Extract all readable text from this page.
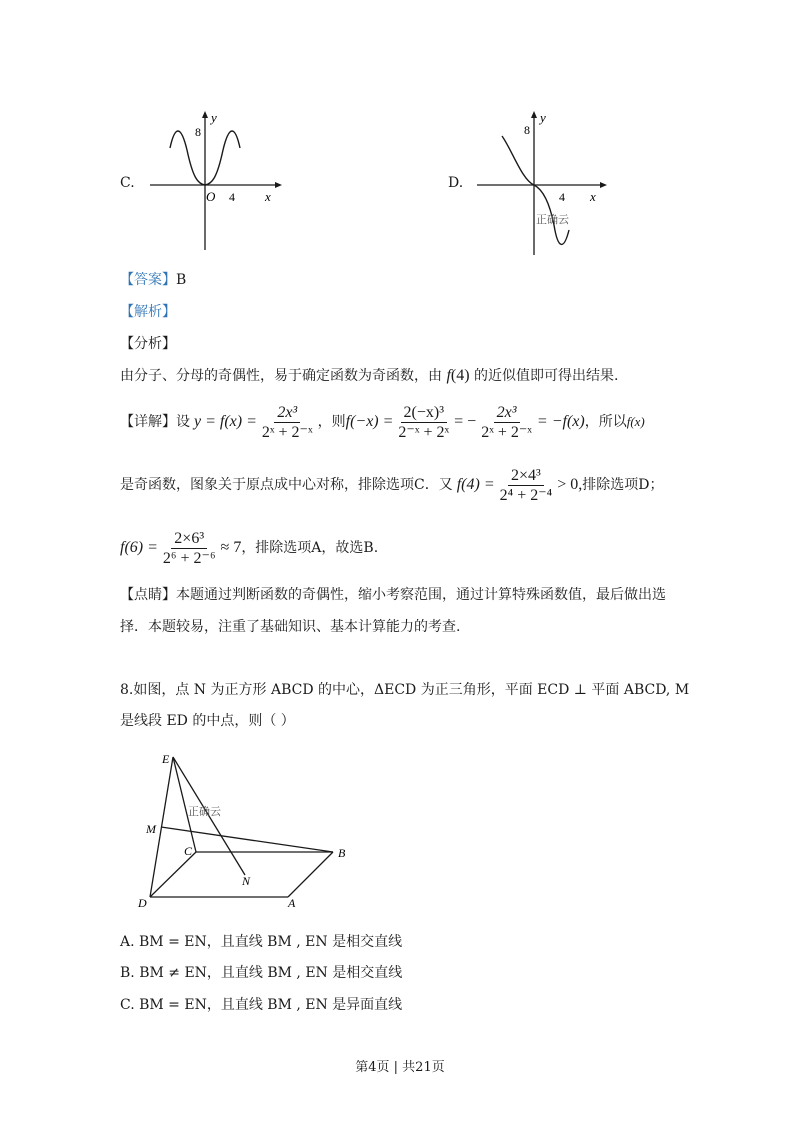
C.
y
8
O 4 x
D.
y
8
4 x
正确云
【答案】B
【解析】
【分析】
由分子、分母的奇偶性，易于确定函数为奇函数，由 f(4) 的近似值即可得出结果.
【详解】 设 $y = f(x) = \frac{\text{2x³}}{\text{2ˣ + 2⁻ˣ}}$ ，则 $f(-x) = \frac{\text{2(−x)³}}{\text{2⁻ˣ + 2ˣ}}$ = − $\frac{\text{2x³}}{\text{2ˣ + 2⁻ˣ}} = -f(x)$ ，所以 f(x)
是奇函数，图象关于原点成中心对称，排除选项C．又 $f(4) = \frac{\text{2×4³}}{\text{2⁴ + 2⁻⁴}} > 0$, 排除选项D；
$f(6) = \frac{\text{2×6³}}{\text{2⁶ + 2⁻⁶}} \approx 7$ ，排除选项A，故选B.
【点睛】本题通过判断函数的奇偶性，缩小考察范围，通过计算特殊函数值，最后做出选
择．本题较易，注重了基础知识、基本计算能力的考查.
8.如图，点 N 为正方形 ABCD 的中心，ΔECD 为正三角形，平面 ECD ⊥ 平面 ABCD, M
是线段 ED 的中点，则（ ）
E
M
C	B
N
D	A
正确云
A. BM = EN，且直线 BM , EN 是相交直线
B. BM ≠ EN，且直线 BM , EN 是相交直线
C. BM = EN，且直线 BM , EN 是异面直线
第4页 | 共21页
